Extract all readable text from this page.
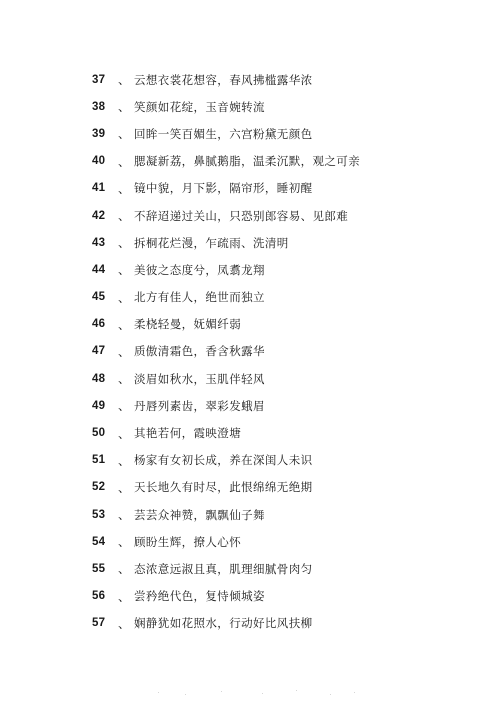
37	、 云想衣裳花想容，春风拂槛露华浓
38	、 笑颜如花绽，玉音婉转流
39	、 回眸一笑百媚生，六宫粉黛无颜色
40	、 腮凝新荔，鼻腻鹅脂，温柔沉默，观之可亲
41	、 镜中貌，月下影，隔帘形，睡初醒
42	、 不辞迢递过关山，只恐别郎容易、见郎难
43	、 拆桐花烂漫，乍疏雨、洗清明
44	、 美彼之态度兮，凤翥龙翔
45	、 北方有佳人，绝世而独立
46	、 柔桡轻曼，妩媚纤弱
47	、 质傲清霜色，香含秋露华
48	、 淡眉如秋水，玉肌伴轻风
49	、 丹唇列素齿，翠彩发蛾眉
50	、 其艳若何，霞映澄塘
51	、 杨家有女初长成，养在深闺人未识
52	、 天长地久有时尽，此恨绵绵无绝期
53	、 芸芸众神赞，飘飘仙子舞
54	、 顾盼生辉，撩人心怀
55	、 态浓意远淑且真，肌理细腻骨肉匀
56	、 尝矜绝代色，复恃倾城姿
57	、 娴静犹如花照水，行动好比风扶柳
